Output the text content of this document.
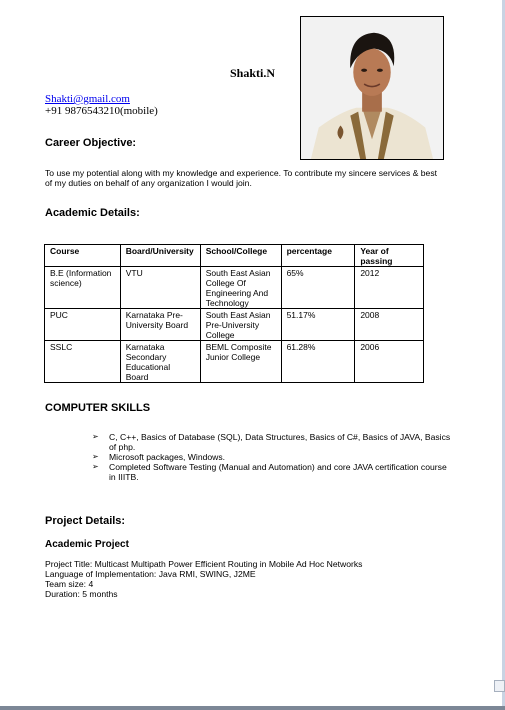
Shakti.N
Shakti@gmail.com
+91 9876543210(mobile)
Career Objective:
To use my potential along with my knowledge and experience. To contribute my sincere services & best
of my duties on behalf of any organization I would join.
Academic Details:
Course	Board/University	School/College	percentage	Year of passing
B.E (Information science)	VTU	South East Asian College Of Engineering And Technology	65%	2012
PUC	Karnataka Pre-University Board	South East Asian Pre-University College	51.17%	2008
SSLC	Karnataka Secondary Educational Board	BEML Composite Junior College	61.28%	2006
COMPUTER SKILLS
➢ C, C++, Basics of Database (SQL), Data Structures, Basics of C#, Basics of JAVA, Basics of php.
➢ Microsoft packages, Windows.
➢ Completed Software Testing (Manual and Automation) and core JAVA certification course in IIITB.
Project Details:
Academic Project
Project Title: Multicast Multipath Power Efficient Routing in Mobile Ad Hoc Networks
Language of Implementation: Java RMI, SWING, J2ME
Team size: 4
Duration: 5 months
